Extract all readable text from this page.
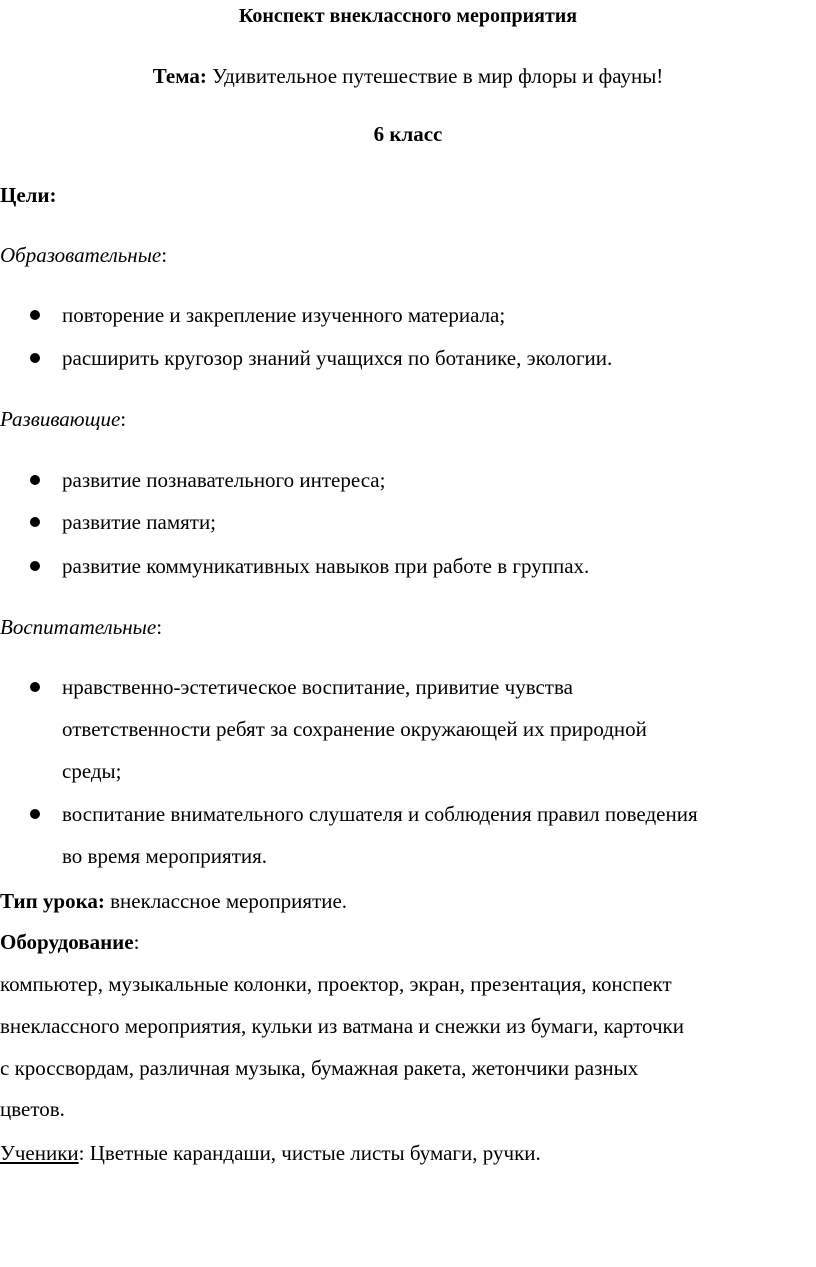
Конспект внеклассного мероприятия
Тема: Удивительное путешествие в мир флоры и фауны!
6 класс
Цели:
Образовательные:
повторение и закрепление изученного материала;
расширить кругозор знаний учащихся по ботанике, экологии.
Развивающие:
развитие познавательного интереса;
развитие памяти;
развитие коммуникативных навыков при работе в группах.
Воспитательные:
нравственно-эстетическое воспитание, привитие чувства
ответственности ребят за сохранение окружающей их природной
среды;
воспитание внимательного слушателя и соблюдения правил поведения
во время мероприятия.
Тип урока: внеклассное мероприятие.
Оборудование:
компьютер, музыкальные колонки, проектор, экран, презентация, конспект
внеклассного мероприятия, кульки из ватмана и снежки из бумаги, карточки
с кроссвордам, различная музыка, бумажная ракета, жетончики разных
цветов.
Ученики: Цветные карандаши, чистые листы бумаги, ручки.
